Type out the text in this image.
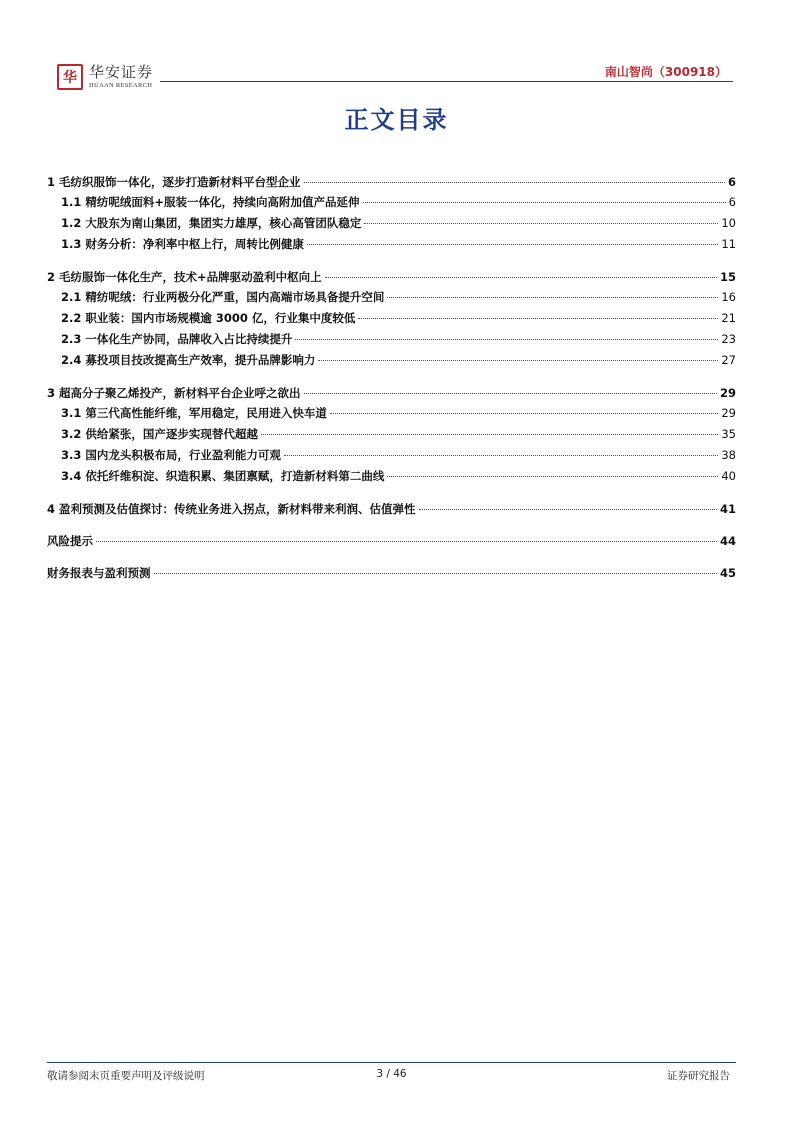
华 华安证券
HUAAN RESEARCH
南山智尚（300918）
正文目录
1 毛纺织服饰一体化，逐步打造新材料平台型企业	6
1.1 精纺呢绒面料+服装一体化，持续向高附加值产品延伸	6
1.2 大股东为南山集团，集团实力雄厚，核心高管团队稳定	10
1.3 财务分析：净利率中枢上行，周转比例健康	11
2 毛纺服饰一体化生产，技术+品牌驱动盈利中枢向上	15
2.1 精纺呢绒：行业两极分化严重，国内高端市场具备提升空间	16
2.2 职业装：国内市场规模逾 3000 亿，行业集中度较低	21
2.3 一体化生产协同，品牌收入占比持续提升	23
2.4 募投项目技改提高生产效率，提升品牌影响力	27
3 超高分子聚乙烯投产，新材料平台企业呼之欲出	29
3.1 第三代高性能纤维，军用稳定，民用进入快车道	29
3.2 供给紧张，国产逐步实现替代超越	35
3.3 国内龙头积极布局，行业盈利能力可观	38
3.4 依托纤维积淀、织造积累、集团禀赋，打造新材料第二曲线	40
4 盈利预测及估值探讨：传统业务进入拐点，新材料带来利润、估值弹性	41
风险提示	44
财务报表与盈利预测	45
敬请参阅末页重要声明及评级说明	3 / 46	证券研究报告
